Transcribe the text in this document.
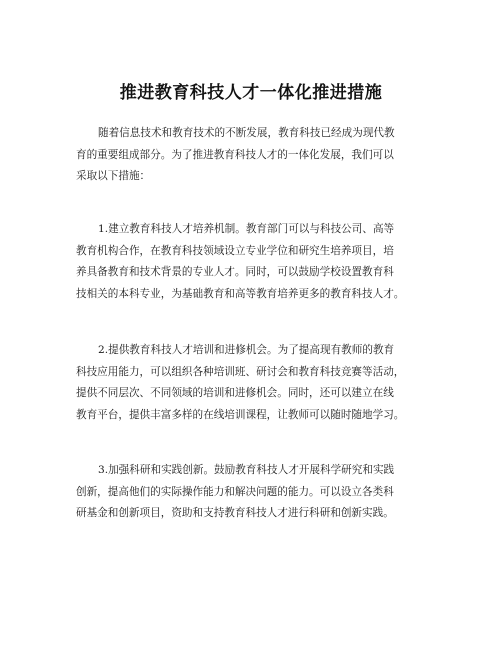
推进教育科技人才一体化推进措施
随着信息技术和教育技术的不断发展，教育科技已经成为现代教
育的重要组成部分。为了推进教育科技人才的一体化发展，我们可以
采取以下措施：
1.建立教育科技人才培养机制。教育部门可以与科技公司、高等
教育机构合作，在教育科技领域设立专业学位和研究生培养项目，培
养具备教育和技术背景的专业人才。同时，可以鼓励学校设置教育科
技相关的本科专业，为基础教育和高等教育培养更多的教育科技人才。
2.提供教育科技人才培训和进修机会。为了提高现有教师的教育
科技应用能力，可以组织各种培训班、研讨会和教育科技竞赛等活动，
提供不同层次、不同领域的培训和进修机会。同时，还可以建立在线
教育平台，提供丰富多样的在线培训课程，让教师可以随时随地学习。
3.加强科研和实践创新。鼓励教育科技人才开展科学研究和实践
创新，提高他们的实际操作能力和解决问题的能力。可以设立各类科
研基金和创新项目，资助和支持教育科技人才进行科研和创新实践。
